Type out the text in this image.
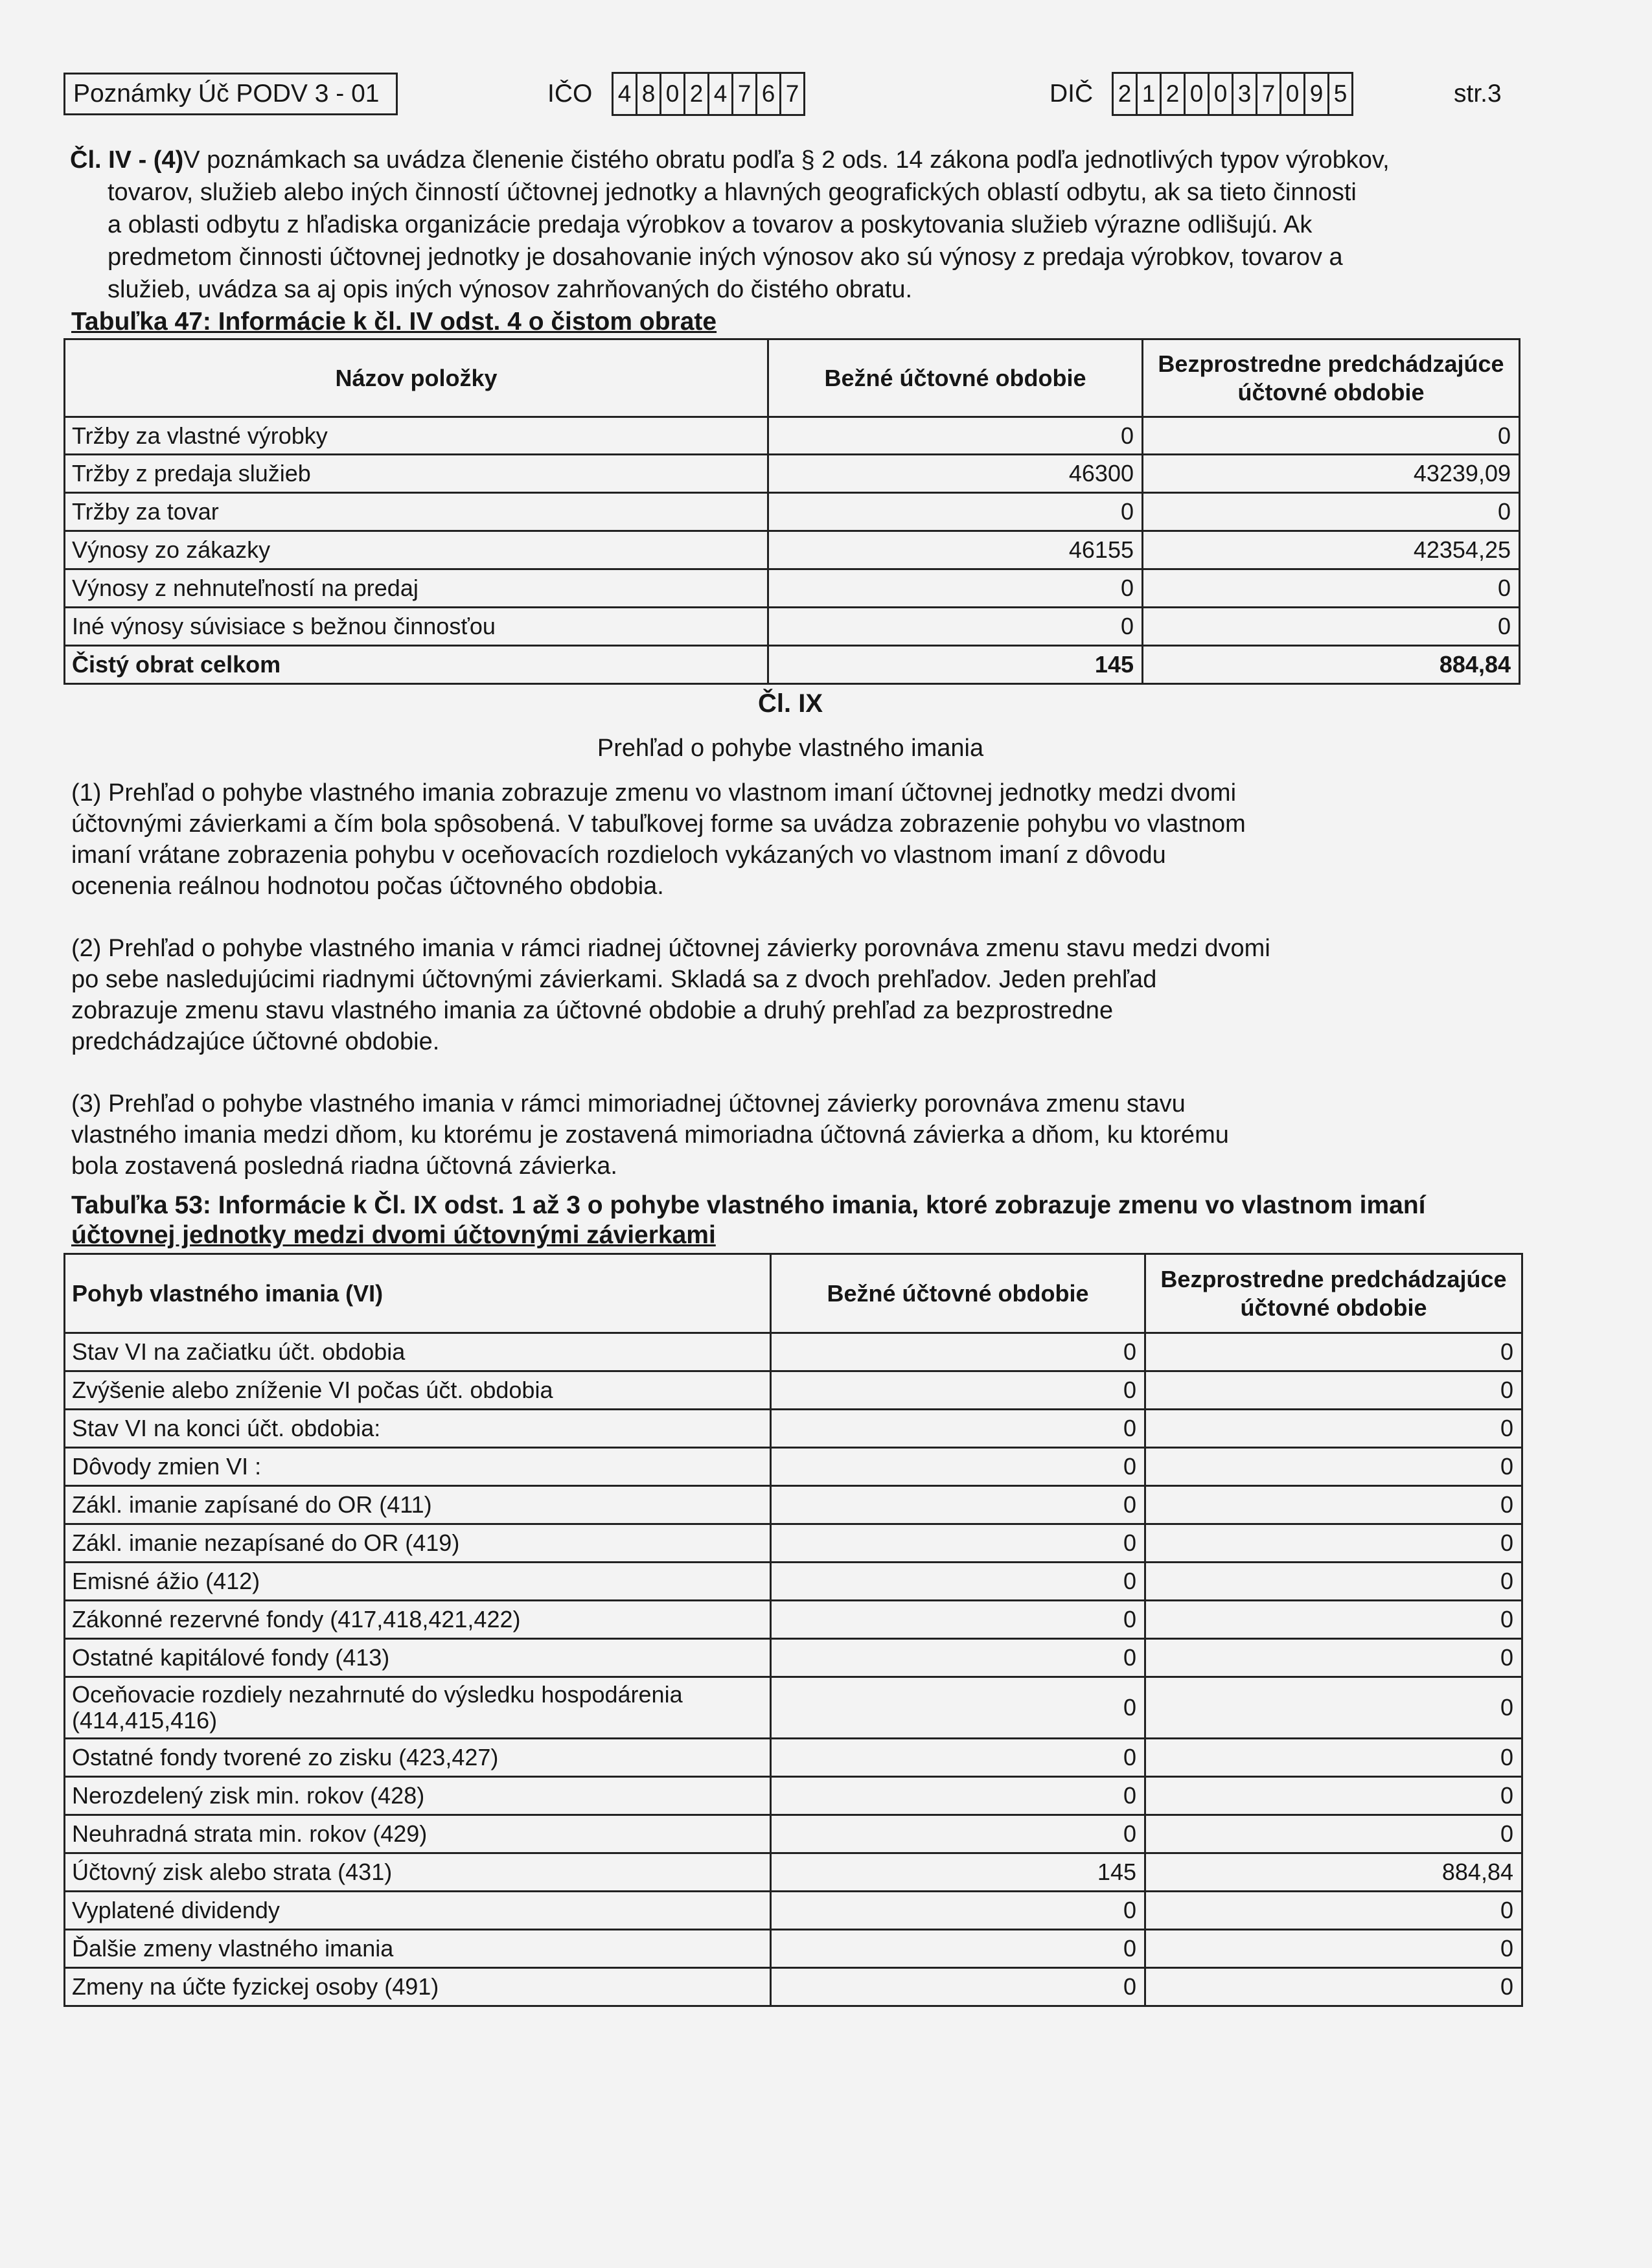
Poznámky Úč PODV 3 - 01	IČO 4 8 0 2 4 7 6 7	DIČ 2 1 2 0 0 3 7 0 9 5	str.3
Čl. IV - (4)V poznámkach sa uvádza členenie čistého obratu podľa § 2 ods. 14 zákona podľa jednotlivých typov výrobkov,
tovarov, služieb alebo iných činností účtovnej jednotky a hlavných geografických oblastí odbytu, ak sa tieto činnosti
a oblasti odbytu z hľadiska organizácie predaja výrobkov a tovarov a poskytovania služieb výrazne odlišujú. Ak
predmetom činnosti účtovnej jednotky je dosahovanie iných výnosov ako sú výnosy z predaja výrobkov, tovarov a
služieb, uvádza sa aj opis iných výnosov zahrňovaných do čistého obratu.
Tabuľka 47: Informácie k čl. IV odst. 4 o čistom obrate
Názov položky	Bežné účtovné obdobie	Bezprostredne predchádzajúce účtovné obdobie
Tržby za vlastné výrobky	0	0
Tržby z predaja služieb	46300	43239,09
Tržby za tovar	0	0
Výnosy zo zákazky	46155	42354,25
Výnosy z nehnuteľností na predaj	0	0
Iné výnosy súvisiace s bežnou činnosťou	0	0
Čistý obrat celkom	145	884,84
Čl. IX
Prehľad o pohybe vlastného imania
(1) Prehľad o pohybe vlastného imania zobrazuje zmenu vo vlastnom imaní účtovnej jednotky medzi dvomi
účtovnými závierkami a čím bola spôsobená. V tabuľkovej forme sa uvádza zobrazenie pohybu vo vlastnom
imaní vrátane zobrazenia pohybu v oceňovacích rozdieloch vykázaných vo vlastnom imaní z dôvodu
ocenenia reálnou hodnotou počas účtovného obdobia.
(2) Prehľad o pohybe vlastného imania v rámci riadnej účtovnej závierky porovnáva zmenu stavu medzi dvomi
po sebe nasledujúcimi riadnymi účtovnými závierkami. Skladá sa z dvoch prehľadov. Jeden prehľad
zobrazuje zmenu stavu vlastného imania za účtovné obdobie a druhý prehľad za bezprostredne
predchádzajúce účtovné obdobie.
(3) Prehľad o pohybe vlastného imania v rámci mimoriadnej účtovnej závierky porovnáva zmenu stavu
vlastného imania medzi dňom, ku ktorému je zostavená mimoriadna účtovná závierka a dňom, ku ktorému
bola zostavená posledná riadna účtovná závierka.
Tabuľka 53: Informácie k Čl. IX odst. 1 až 3 o pohybe vlastného imania, ktoré zobrazuje zmenu vo vlastnom imaní
účtovnej jednotky medzi dvomi účtovnými závierkami
Pohyb vlastného imania (VI)	Bežné účtovné obdobie	Bezprostredne predchádzajúce účtovné obdobie
Stav VI na začiatku účt. obdobia	0	0
Zvýšenie alebo zníženie VI počas účt. obdobia	0	0
Stav VI na konci účt. obdobia:	0	0
Dôvody zmien VI :	0	0
Zákl. imanie zapísané do OR (411)	0	0
Zákl. imanie nezapísané do OR (419)	0	0
Emisné ážio (412)	0	0
Zákonné rezervné fondy (417,418,421,422)	0	0
Ostatné kapitálové fondy (413)	0	0
Oceňovacie rozdiely nezahrnuté do výsledku hospodárenia (414,415,416)	0	0
Ostatné fondy tvorené zo zisku (423,427)	0	0
Nerozdelený zisk min. rokov (428)	0	0
Neuhradná strata min. rokov (429)	0	0
Účtovný zisk alebo strata (431)	145	884,84
Vyplatené dividendy	0	0
Ďalšie zmeny vlastného imania	0	0
Zmeny na účte fyzickej osoby (491)	0	0
